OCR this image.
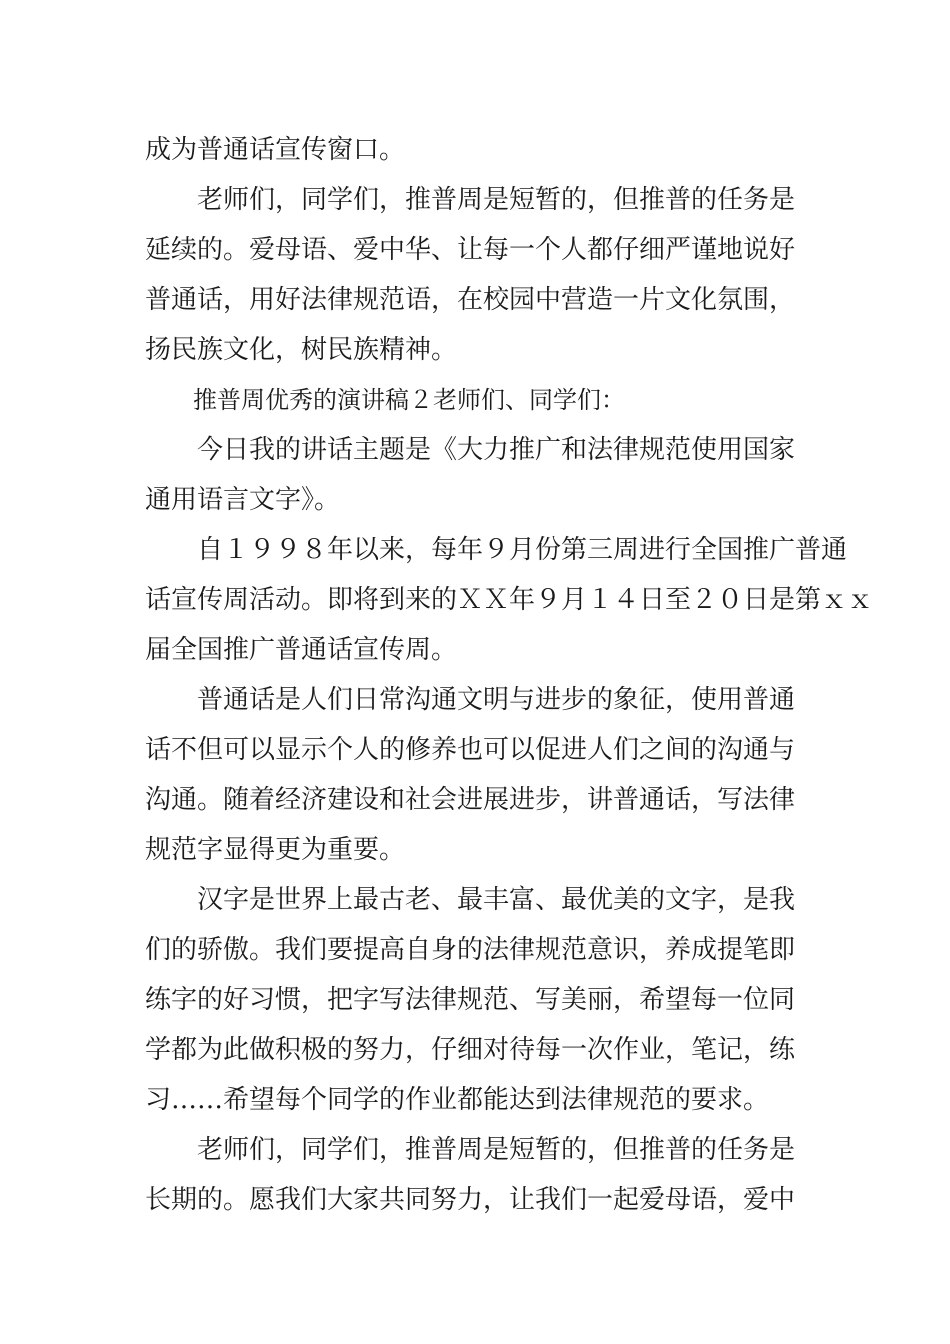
成为普通话宣传窗口。

老师们，同学们，推普周是短暂的，但推普的任务是

延续的。爱母语、爱中华、让每一个人都仔细严谨地说好

普通话，用好法律规范语，在校园中营造一片文化氛围，

扬民族文化，树民族精神。

推普周优秀的演讲稿２老师们、同学们：

今日我的讲话主题是《大力推广和法律规范使用国家

通用语言文字》。

自１９９８年以来，每年９月份第三周进行全国推广普通

话宣传周活动。即将到来的ＸＸ年９月１４日至２０日是第ｘｘ

届全国推广普通话宣传周。

普通话是人们日常沟通文明与进步的象征，使用普通

话不但可以显示个人的修养也可以促进人们之间的沟通与

沟通。随着经济建设和社会进展进步，讲普通话，写法律

规范字显得更为重要。

汉字是世界上最古老、最丰富、最优美的文字，是我

们的骄傲。我们要提高自身的法律规范意识，养成提笔即

练字的好习惯，把字写法律规范、写美丽，希望每一位同

学都为此做积极的努力，仔细对待每一次作业，笔记，练

习……希望每个同学的作业都能达到法律规范的要求。

老师们，同学们，推普周是短暂的，但推普的任务是

长期的。愿我们大家共同努力，让我们一起爱母语，爱中
